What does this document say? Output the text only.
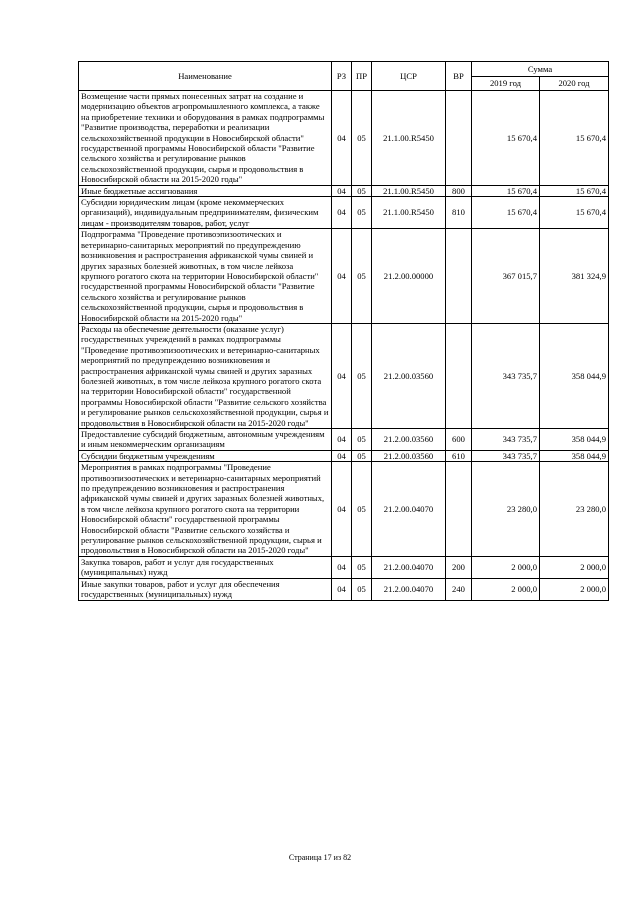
Наименование	РЗ	ПР	ЦСР	ВР	Сумма	
					2019 год	2020 год
Возмещение части прямых понесенных затрат на создание и модернизацию объектов агропромышленного комплекса, а также на приобретение техники и оборудования в рамках подпрограммы "Развитие производства, переработки и реализации сельскохозяйственной продукции в Новосибирской области" государственной программы Новосибирской области "Развитие сельского хозяйства и регулирование рынков сельскохозяйственной продукции, сырья и продовольствия в Новосибирской области на 2015-2020 годы"	04	05	21.1.00.R5450		15 670,4	15 670,4
Иные бюджетные ассигнования	04	05	21.1.00.R5450	800	15 670,4	15 670,4
Субсидии юридическим лицам (кроме некоммерческих организаций), индивидуальным предпринимателям, физическим лицам - производителям товаров, работ, услуг	04	05	21.1.00.R5450	810	15 670,4	15 670,4
Подпрограмма "Проведение противоэпизоотических и ветеринарно-санитарных мероприятий по предупреждению возникновения и распространения африканской чумы свиней и других заразных болезней животных, в том числе лейкоза крупного рогатого скота на территории Новосибирской области" государственной программы Новосибирской области "Развитие сельского хозяйства и регулирование рынков сельскохозяйственной продукции, сырья и продовольствия в Новосибирской области на 2015-2020 годы"	04	05	21.2.00.00000		367 015,7	381 324,9
Расходы на обеспечение деятельности (оказание услуг) государственных учреждений в рамках подпрограммы "Проведение противоэпизоотических и ветеринарно-санитарных мероприятий по предупреждению возникновения и распространения африканской чумы свиней и других заразных болезней животных, в том числе лейкоза крупного рогатого скота на территории Новосибирской области" государственной программы Новосибирской области "Развитие сельского хозяйства и регулирование рынков сельскохозяйственной продукции, сырья и продовольствия в Новосибирской области на 2015-2020 годы"	04	05	21.2.00.03560		343 735,7	358 044,9
Предоставление субсидий бюджетным, автономным учреждениям и иным некоммерческим организациям	04	05	21.2.00.03560	600	343 735,7	358 044,9
Субсидии бюджетным учреждениям	04	05	21.2.00.03560	610	343 735,7	358 044,9
Мероприятия в рамках подпрограммы "Проведение противоэпизоотических и ветеринарно-санитарных мероприятий по предупреждению возникновения и распространения африканской чумы свиней и других заразных болезней животных, в том числе лейкоза крупного рогатого скота на территории Новосибирской области" государственной программы Новосибирской области "Развитие сельского хозяйства и регулирование рынков сельскохозяйственной продукции, сырья и продовольствия в Новосибирской области на 2015-2020 годы"	04	05	21.2.00.04070		23 280,0	23 280,0
Закупка товаров, работ и услуг для государственных (муниципальных) нужд	04	05	21.2.00.04070	200	2 000,0	2 000,0
Иные закупки товаров, работ и услуг для обеспечения государственных (муниципальных) нужд	04	05	21.2.00.04070	240	2 000,0	2 000,0
Страница 17 из 82
